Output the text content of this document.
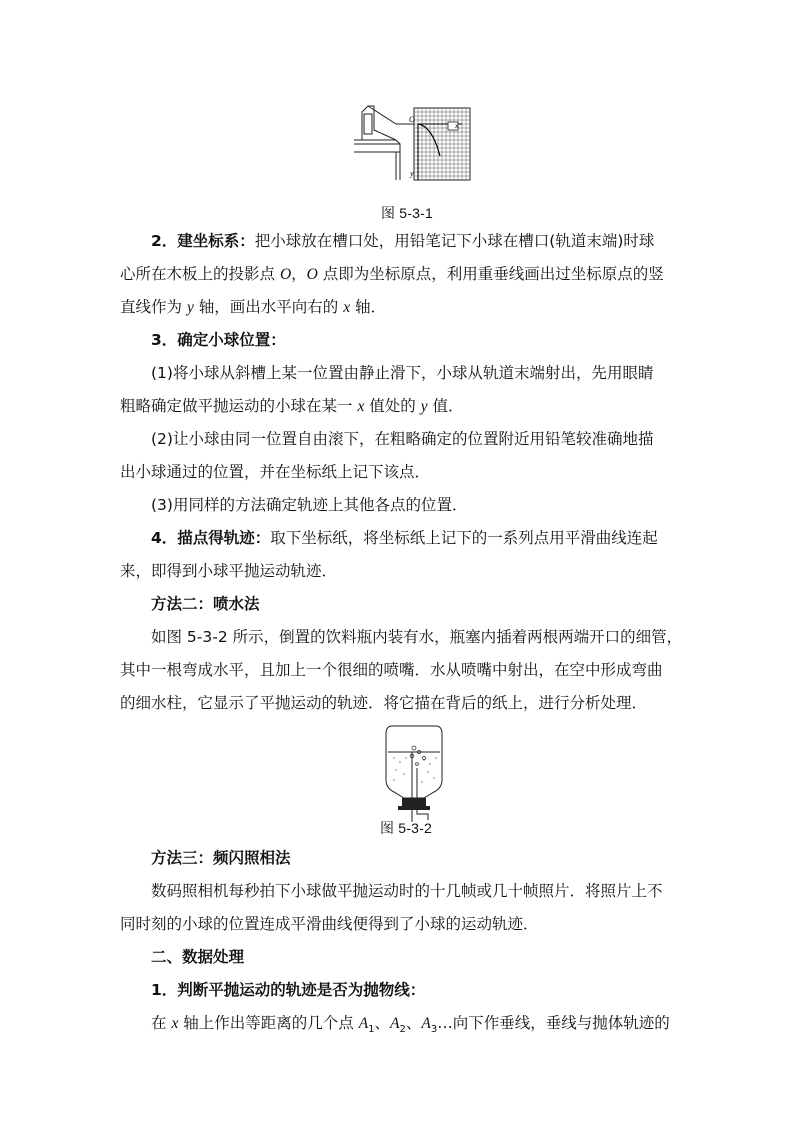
O
x
y
图 5-3-1
2．建坐标系：把小球放在槽口处，用铅笔记下小球在槽口(轨道末端)时球
心所在木板上的投影点 O，O 点即为坐标原点，利用重垂线画出过坐标原点的竖
直线作为 y 轴，画出水平向右的 x 轴．
3．确定小球位置：
(1)将小球从斜槽上某一位置由静止滑下，小球从轨道末端射出，先用眼睛
粗略确定做平抛运动的小球在某一 x 值处的 y 值．
(2)让小球由同一位置自由滚下，在粗略确定的位置附近用铅笔较准确地描
出小球通过的位置，并在坐标纸上记下该点．
(3)用同样的方法确定轨迹上其他各点的位置．
4．描点得轨迹：取下坐标纸，将坐标纸上记下的一系列点用平滑曲线连起
来，即得到小球平抛运动轨迹．
方法二：喷水法
如图 5-3-2 所示，倒置的饮料瓶内装有水，瓶塞内插着两根两端开口的细管，
其中一根弯成水平，且加上一个很细的喷嘴．水从喷嘴中射出，在空中形成弯曲
的细水柱，它显示了平抛运动的轨迹．将它描在背后的纸上，进行分析处理．
图 5-3-2
方法三：频闪照相法
数码照相机每秒拍下小球做平抛运动时的十几帧或几十帧照片．将照片上不
同时刻的小球的位置连成平滑曲线便得到了小球的运动轨迹．
二、数据处理
1．判断平抛运动的轨迹是否为抛物线：
在 x 轴上作出等距离的几个点 $A_1$、$A_2$、$A_3\dots$向下作垂线，垂线与抛体轨迹的
